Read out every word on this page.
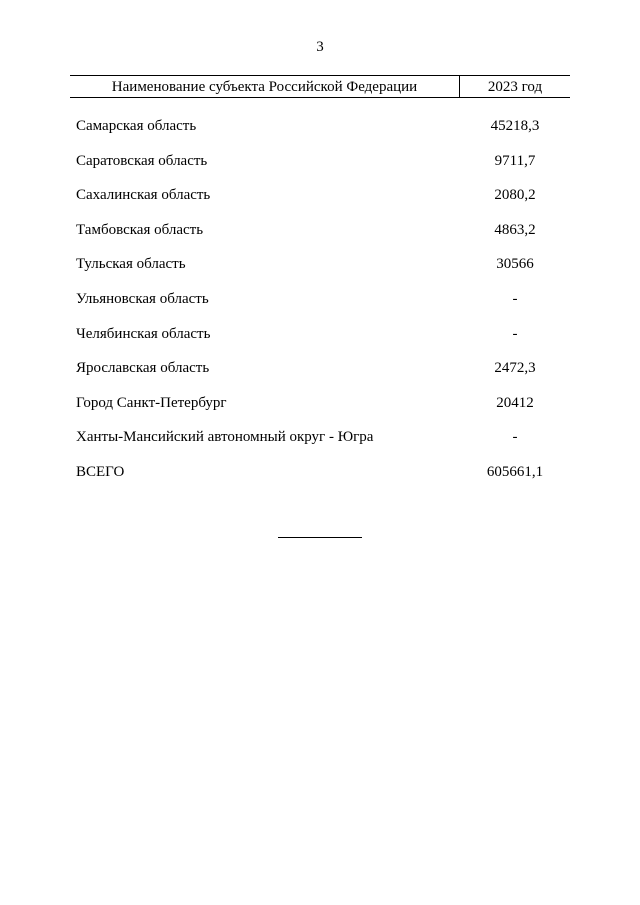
3
Наименование субъекта Российской Федерации	2023 год
Самарская область	45218,3
Саратовская область	9711,7
Сахалинская область	2080,2
Тамбовская область	4863,2
Тульская область	30566
Ульяновская область	-
Челябинская область	-
Ярославская область	2472,3
Город Санкт-Петербург	20412
Ханты-Мансийский автономный округ - Югра	-
ВСЕГО	605661,1
